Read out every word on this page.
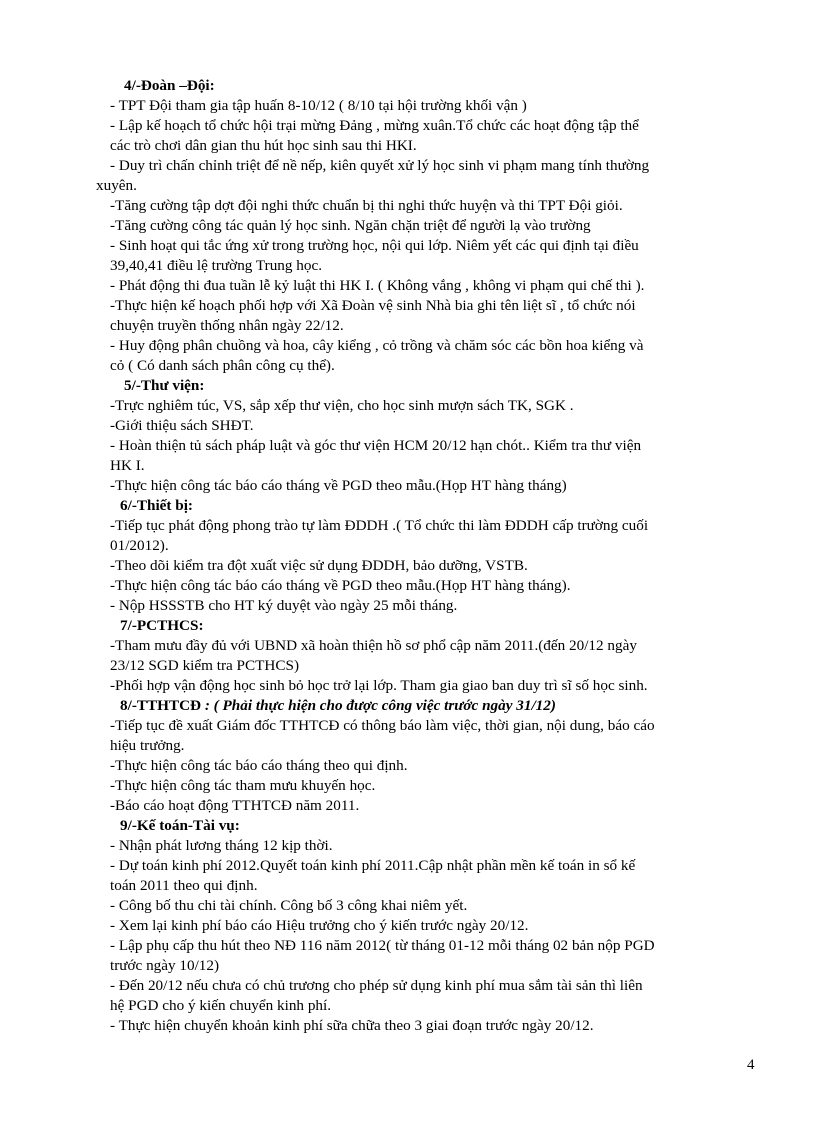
4/-Đoàn –Đội:
- TPT Đội tham gia tập huấn 8-10/12 ( 8/10 tại hội trường khối vận )
- Lập kế hoạch tổ chức hội trại mừng Đảng , mừng xuân.Tổ chức các hoạt động tập thể
các trò chơi dân gian thu hút học sinh sau thi HKI.
- Duy trì chấn chỉnh triệt để nề nếp, kiên quyết xử lý học sinh vi phạm mang tính thường
xuyên.
-Tăng cường tập dợt đội nghi thức chuẩn bị thi nghi thức huyện và thi TPT Đội giỏi.
-Tăng cường công tác quản lý học sinh. Ngăn chặn triệt để người lạ vào trường
- Sinh hoạt qui tắc ứng xử trong trường học, nội qui lớp. Niêm yết các qui định tại điều
39,40,41 điều lệ trường Trung học.
- Phát động thi đua tuần lễ kỷ luật thi HK I. ( Không vắng , không vi phạm qui chế thi ).
-Thực hiện kế hoạch phối hợp với Xã Đoàn vệ sinh Nhà bia ghi tên liệt sĩ , tổ chức nói
chuyện truyền thống nhân ngày 22/12.
- Huy động phân chuồng và hoa, cây kiểng , cỏ trồng và chăm sóc các bồn hoa kiểng và
cỏ ( Có danh sách phân công cụ thể).
5/-Thư viện:
-Trực nghiêm túc, VS, sắp xếp thư viện, cho học sinh mượn sách TK, SGK .
-Giới thiệu sách SHĐT.
- Hoàn thiện tủ sách pháp luật và góc thư viện HCM 20/12 hạn chót.. Kiểm tra thư viện
HK I.
-Thực hiện công tác báo cáo tháng về PGD theo mẫu.(Họp HT hàng tháng)
6/-Thiết bị:
-Tiếp tục phát động phong trào tự làm ĐDDH .( Tổ chức thi làm ĐDDH cấp trường cuối
01/2012).
-Theo dõi kiểm tra đột xuất việc sử dụng ĐDDH, bảo dưỡng, VSTB.
-Thực hiện công tác báo cáo tháng về PGD theo mẫu.(Họp HT hàng tháng).
- Nộp HSSSTB cho HT ký duyệt vào ngày 25 mỗi tháng.
7/-PCTHCS:
-Tham mưu đầy đủ với UBND xã hoàn thiện hồ sơ phổ cập năm 2011.(đến 20/12 ngày
23/12 SGD kiểm tra PCTHCS)
-Phối hợp vận động học sinh bỏ học trở lại lớp. Tham gia giao ban duy trì sĩ số học sinh.
8/-TTHTCĐ : ( Phải thực hiện cho được công việc trước ngày 31/12)
-Tiếp tục đề xuất Giám đốc TTHTCĐ có thông báo làm việc, thời gian, nội dung, báo cáo
hiệu trưởng.
-Thực hiện công tác báo cáo tháng theo qui định.
-Thực hiện công tác tham mưu khuyến học.
-Báo cáo hoạt động TTHTCĐ năm 2011.
9/-Kế toán-Tài vụ:
- Nhận phát lương tháng 12 kịp thời.
- Dự toán kinh phí 2012.Quyết toán kinh phí 2011.Cập nhật phần mền kế toán in sổ kế
toán 2011 theo qui định.
- Công bố thu chi tài chính. Công bố 3 công khai niêm yết.
- Xem lại kinh phí báo cáo Hiệu trưởng cho ý kiến trước ngày 20/12.
- Lập phụ cấp thu hút theo NĐ 116 năm 2012( từ tháng 01-12 mỗi tháng 02 bản nộp PGD
trước ngày 10/12)
- Đến 20/12 nếu chưa có chủ trương cho phép sử dụng kinh phí mua sắm tài sản thì liên
hệ PGD cho ý kiến chuyển kinh phí.
- Thực hiện chuyển khoản kinh phí sữa chữa theo 3 giai đoạn trước ngày 20/12.
4
